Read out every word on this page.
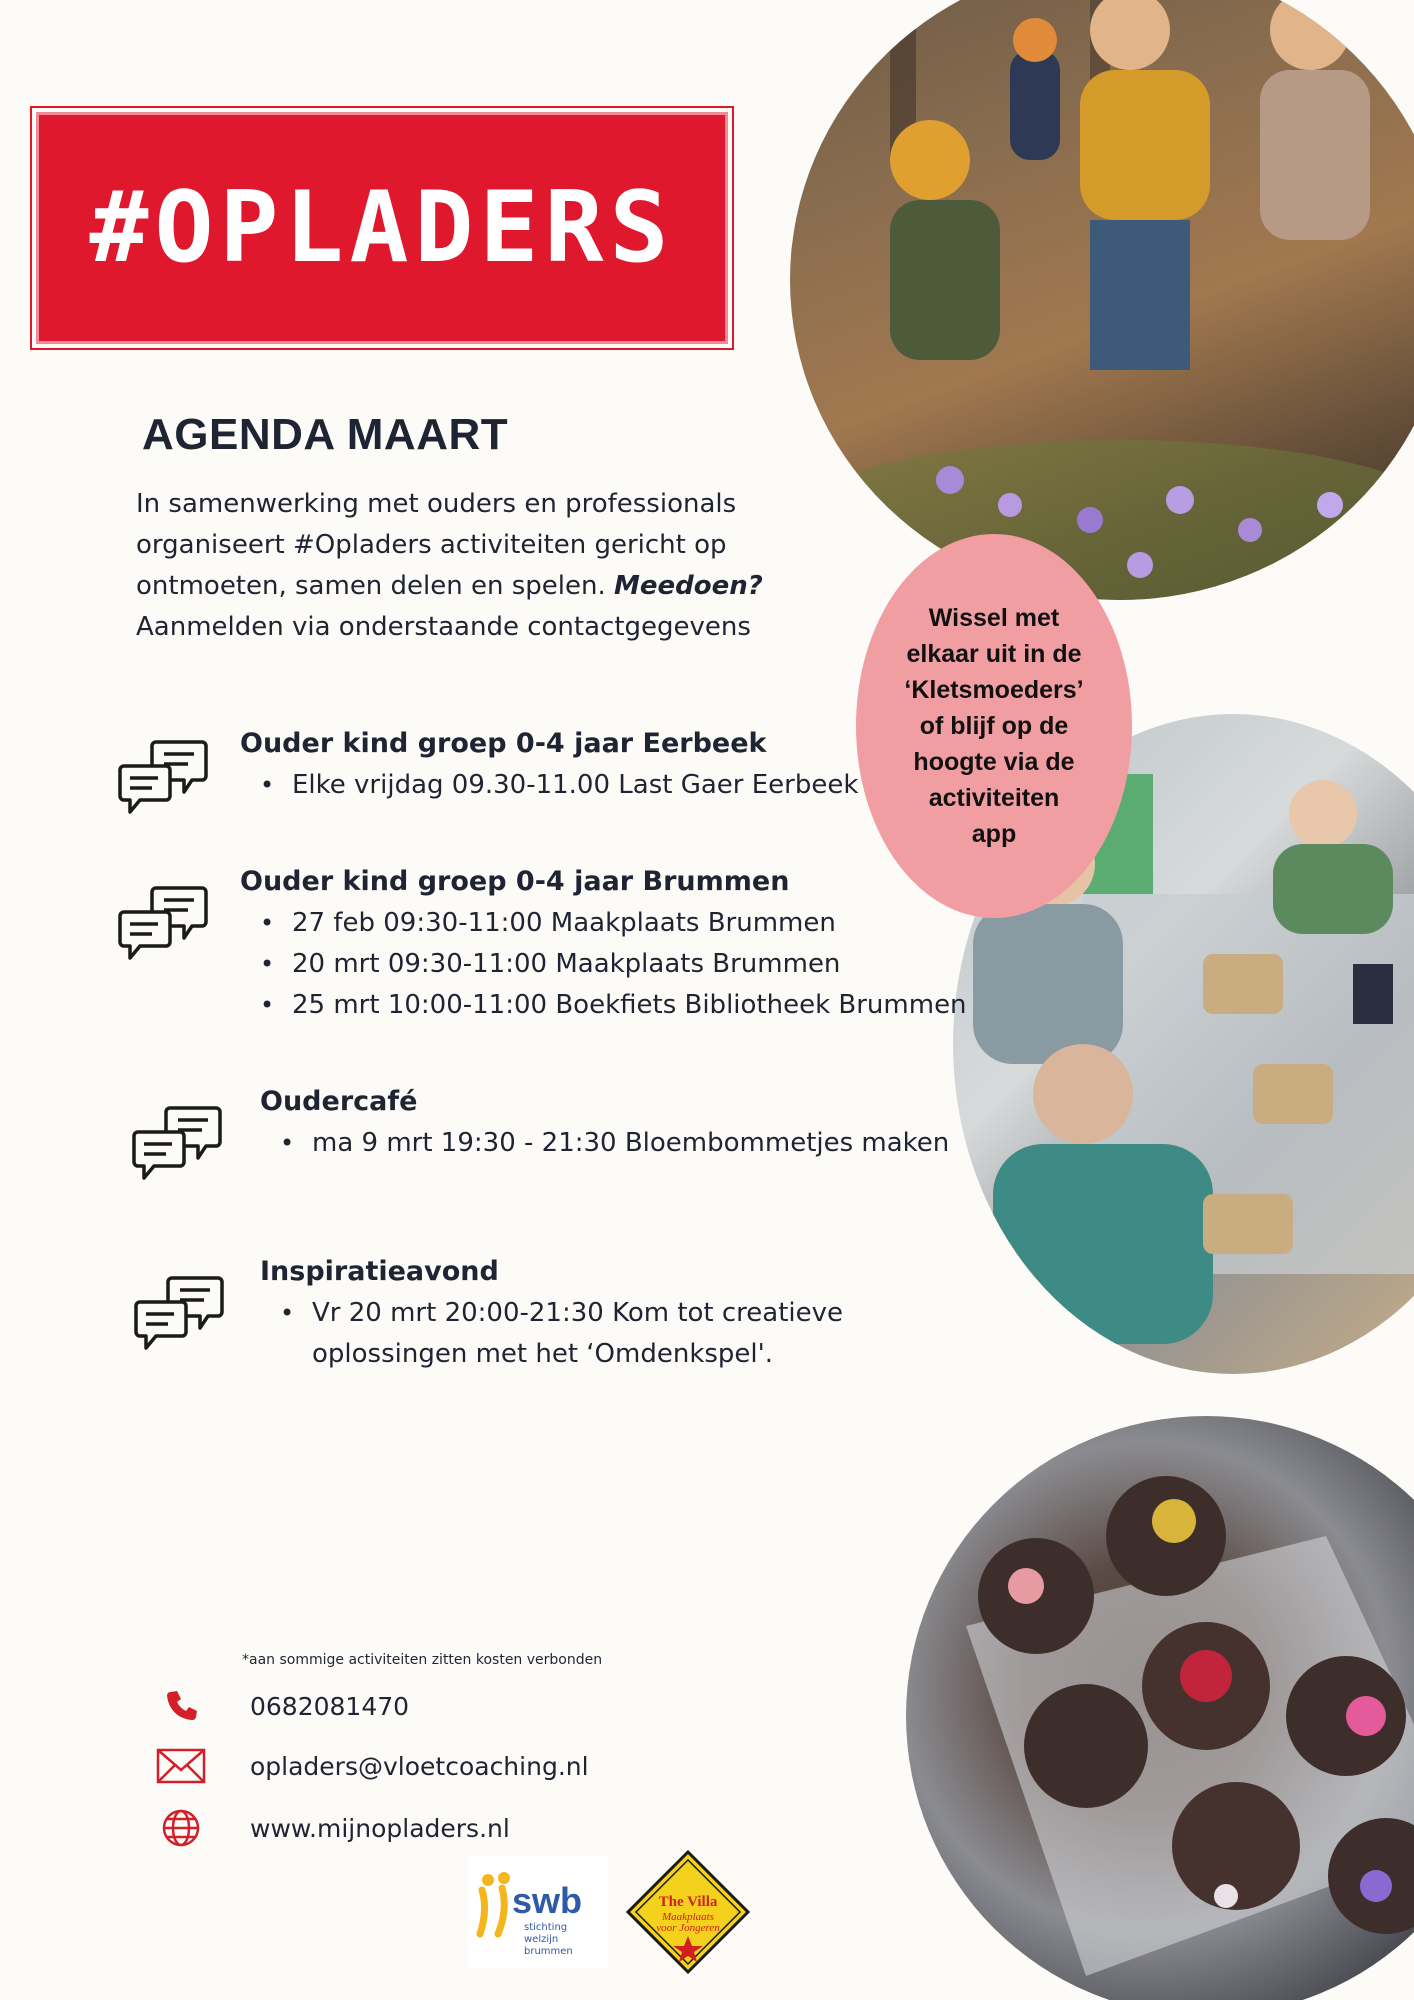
#OPLADERS
AGENDA MAART

In samenwerking met ouders en professionals organiseert #Opladers activiteiten gericht op ontmoeten, samen delen en spelen. Meedoen?
Aanmelden via onderstaande contactgegevens

Ouder kind groep 0-4 jaar Eerbeek
• Elke vrijdag 09.30-11.00 Last Gaer Eerbeek
Ouder kind groep 0-4 jaar Brummen
• 27 feb 09:30-11:00 Maakplaats Brummen
• 20 mrt 09:30-11:00 Maakplaats Brummen
• 25 mrt 10:00-11:00 Boekfiets Bibliotheek Brummen
Oudercafé
• ma 9 mrt 19:30 - 21:30 Bloembommetjes maken
Inspiratieavond
• Vr 20 mrt 20:00-21:30 Kom tot creatieve
oplossingen met het ‘Omdenkspel'.
Wissel met
elkaar uit in de
‘Kletsmoeders’
of blijf op de
hoogte via de
activiteiten
app
*aan sommige activiteiten zitten kosten verbonden
0682081470
opladers@vloetcoaching.nl
www.mijnopladers.nl
swb
stichting
welzijn
brummen
The Villa
Maakplaats
voor Jongeren
